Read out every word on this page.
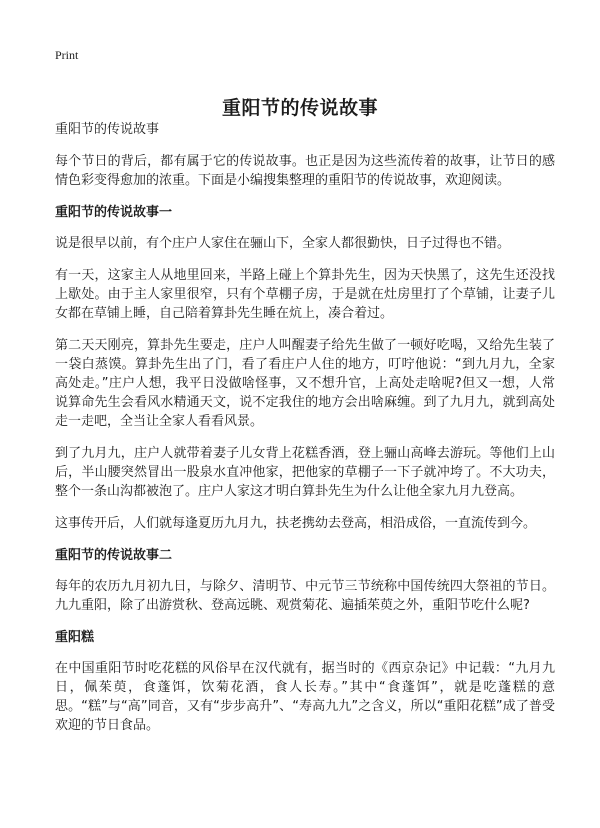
Print
重阳节的传说故事

重阳节的传说故事

每个节日的背后，都有属于它的传说故事。也正是因为这些流传着的故事，让节日的感情色彩变得愈加的浓重。下面是小编搜集整理的重阳节的传说故事，欢迎阅读。

重阳节的传说故事一

说是很早以前，有个庄户人家住在骊山下，全家人都很勤快，日子过得也不错。

有一天，这家主人从地里回来，半路上碰上个算卦先生，因为天快黑了，这先生还没找上歇处。由于主人家里很窄，只有个草棚子房，于是就在灶房里打了个草铺，让妻子儿女都在草铺上睡，自己陪着算卦先生睡在炕上，凑合着过。

第二天天刚亮，算卦先生要走，庄户人叫醒妻子给先生做了一顿好吃喝，又给先生装了一袋白蒸馍。算卦先生出了门，看了看庄户人住的地方，叮咛他说：“到九月九，全家高处走。”庄户人想，我平日没做啥怪事，又不想升官，上高处走啥呢?但又一想，人常说算命先生会看风水精通天文，说不定我住的地方会出啥麻缠。到了九月九，就到高处走一走吧，全当让全家人看看风景。

到了九月九，庄户人就带着妻子儿女背上花糕香酒，登上骊山高峰去游玩。等他们上山后，半山腰突然冒出一股泉水直冲他家，把他家的草棚子一下子就冲垮了。不大功夫，整个一条山沟都被泡了。庄户人家这才明白算卦先生为什么让他全家九月九登高。

这事传开后，人们就每逢夏历九月九，扶老携幼去登高，相沿成俗，一直流传到今。

重阳节的传说故事二

每年的农历九月初九日，与除夕、清明节、中元节三节统称中国传统四大祭祖的节日。九九重阳，除了出游赏秋、登高远眺、观赏菊花、遍插茱萸之外，重阳节吃什么呢?

重阳糕

在中国重阳节时吃花糕的风俗早在汉代就有，据当时的《西京杂记》中记载：“九月九日，佩茱萸，食蓬饵，饮菊花酒，食人长寿。”其中“食蓬饵”，就是吃蓬糕的意思。“糕”与“高”同音，又有“步步高升”、“寿高九九”之含义，所以“重阳花糕”成了普受欢迎的节日食品。
